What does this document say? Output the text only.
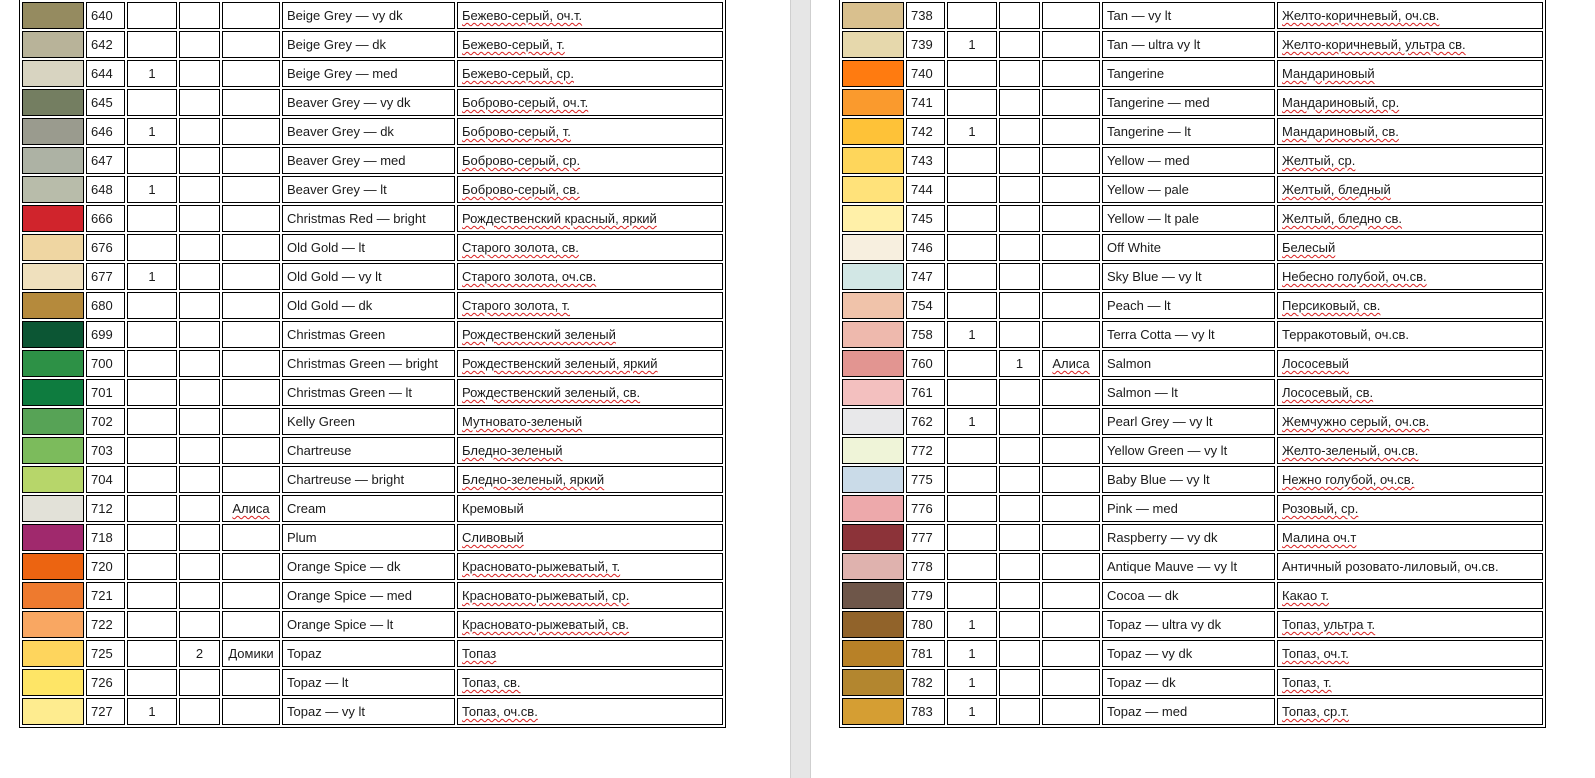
	640				Beige Grey — vy dk	Бежево-серый, оч.т.

	642				Beige Grey — dk	Бежево-серый, т.

	644	1			Beige Grey — med	Бежево-серый, ср.

	645				Beaver Grey — vy dk	Боброво-серый, оч.т.

	646	1			Beaver Grey — dk	Боброво-серый, т.

	647				Beaver Grey — med	Боброво-серый, ср.

	648	1			Beaver Grey — lt	Боброво-серый, св.

	666				Christmas Red — bright	Рождественский красный, яркий

	676				Old Gold — lt	Старого золота, св.

	677	1			Old Gold — vy lt	Старого золота, оч.св.

	680				Old Gold — dk	Старого золота, т.

	699				Christmas Green	Рождественский зеленый

	700				Christmas Green — bright	Рождественский зеленый, яркий

	701				Christmas Green — lt	Рождественский зеленый, св.

	702				Kelly Green	Мутновато-зеленый

	703				Chartreuse	Бледно-зеленый

	704				Chartreuse — bright	Бледно-зеленый, яркий

	712			Алиса	Cream	Кремовый

	718				Plum	Сливовый

	720				Orange Spice — dk	Красновато-рыжеватый, т.

	721				Orange Spice — med	Красновато-рыжеватый, ср.

	722				Orange Spice — lt	Красновато-рыжеватый, св.

	725		2	Домики	Topaz	Топаз

	726				Topaz — lt	Топаз, св.

	727	1			Topaz — vy lt	Топаз, оч.св.
	738				Tan — vy lt	Желто-коричневый, оч.св.

	739	1			Tan — ultra vy lt	Желто-коричневый, ультра св.

	740				Tangerine	Мандариновый

	741				Tangerine — med	Мандариновый, ср.

	742	1			Tangerine — lt	Мандариновый, св.

	743				Yellow — med	Желтый, ср.

	744				Yellow — pale	Желтый, бледный

	745				Yellow — lt pale	Желтый, бледно св.

	746				Off White	Белесый

	747				Sky Blue — vy lt	Небесно голубой, оч.св.

	754				Peach — lt	Персиковый, св.

	758	1			Terra Cotta — vy lt	Терракотовый, оч.св.

	760		1	Алиса	Salmon	Лососевый

	761				Salmon — lt	Лососевый, св.

	762	1			Pearl Grey — vy lt	Жемчужно серый, оч.св.

	772				Yellow Green — vy lt	Желто-зеленый, оч.св.

	775				Baby Blue — vy lt	Нежно голубой, оч.св.

	776				Pink — med	Розовый, ср.

	777				Raspberry — vy dk	Малина оч.т

	778				Antique Mauve — vy lt	Античный розовато-лиловый, оч.св.

	779				Cocoa — dk	Какао т.

	780	1			Topaz — ultra vy dk	Топаз, ультра т.

	781	1			Topaz — vy dk	Топаз, оч.т.

	782	1			Topaz — dk	Топаз, т.

	783	1			Topaz — med	Топаз, ср.т.
